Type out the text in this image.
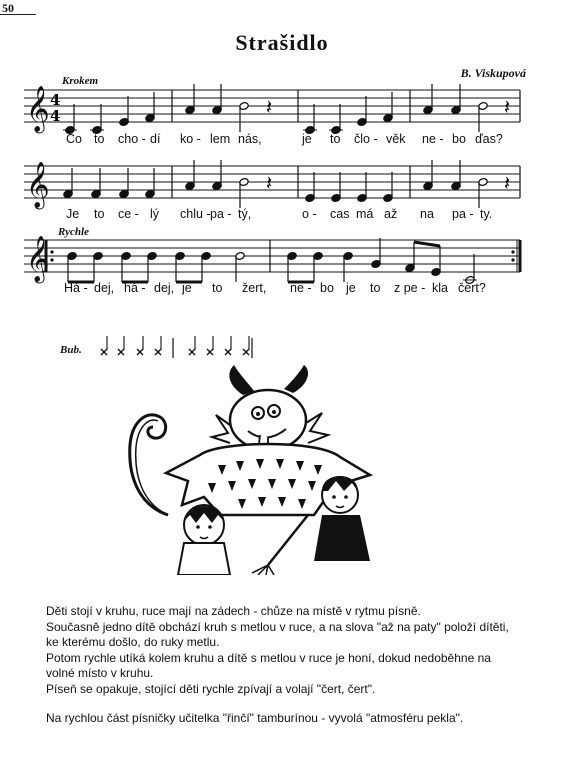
50
Strašidlo
B. Viskupová
Krokem
Rychle
𝄞 4
4
𝄞
𝄞
𝄽	𝄽
𝄽	𝄽
Co to cho - dí ko - lem nás,	je to člo - věk ne - bo ďas?
Je to ce - lý chlu - pa - tý,	o - cas má až na pa - ty.
Há - dej, há - dej, je to žert, ne - bo je to z pe - kla čert?
Bub.

Děti stojí v kruhu, ruce mají na zádech - chůze na místě v rytmu písně.

Současně jedno dítě obchází kruh s metlou v ruce, a na slova "až na paty" položí dítěti,

ke kterému došlo, do ruky metlu.

Potom rychle utíká kolem kruhu a dítě s metlou v ruce je honí, dokud nedoběhne na

volné místo v kruhu.

Píseň se opakuje, stojící děti rychle zpívají a volají "čert, čert".

Na rychlou část písničky učitelka "řinčí" tamburínou - vyvolá "atmosféru pekla".
